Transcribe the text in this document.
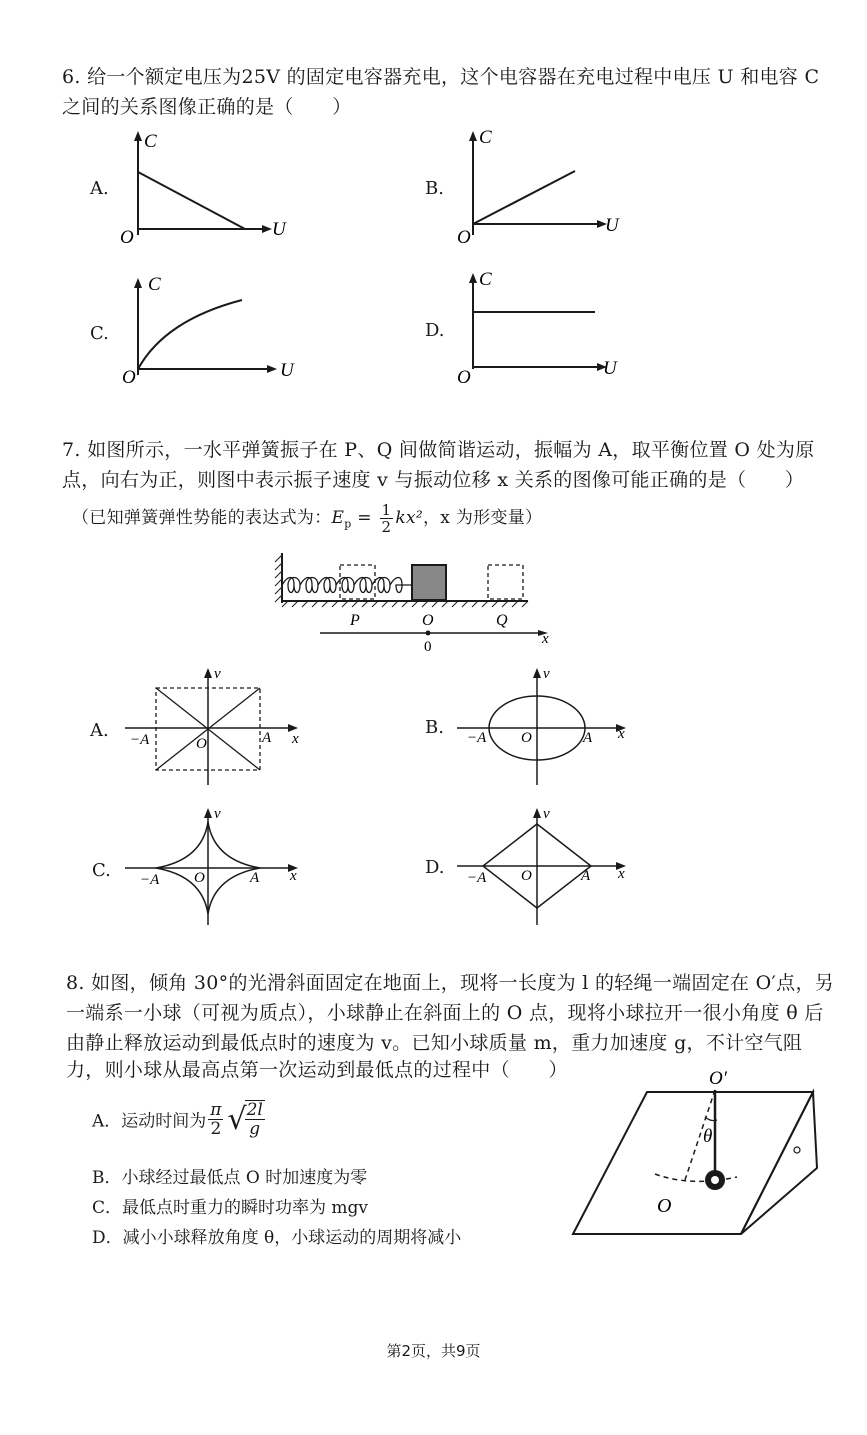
6. 给一个额定电压为25V 的固定电容器充电，这个电容器在充电过程中电压 U 和电容 C
之间的关系图像正确的是（　　）
A.	B.
C.	D.
C
U
O
C
U
O
C
U
O
C
U
O
7. 如图所示，一水平弹簧振子在 P、Q 间做简谐运动，振幅为 A，取平衡位置 O 处为原
点，向右为正，则图中表示振子速度 v 与振动位移 x 关系的图像可能正确的是（　　）
（已知弹簧弹性势能的表达式为：$E_p = \frac{1}{2} kx^2$，x 为形变量）
P	O	Q
0	x
A.	B.
C.	D.
v
x
−A	A
O
v
x
−A	A
O
v
x
−A	A
O
v
x
−A	A
O
8. 如图，倾角 30°的光滑斜面固定在地面上，现将一长度为 l 的轻绳一端固定在 O′点，另
一端系一小球（可视为质点），小球静止在斜面上的 O 点，现将小球拉开一很小角度 θ 后
由静止释放运动到最低点时的速度为 v。已知小球质量 m，重力加速度 g，不计空气阻
力，则小球从最高点第一次运动到最低点的过程中（　　）
A．运动时间为 $\frac{\pi}{2}$ √
$\frac{2l}{g}$
B．小球经过最低点 O 时加速度为零
C．最低点时重力的瞬时功率为 mgv
D．减小小球释放角度 θ，小球运动的周期将减小
O′
θ
O
第2页，共9页
